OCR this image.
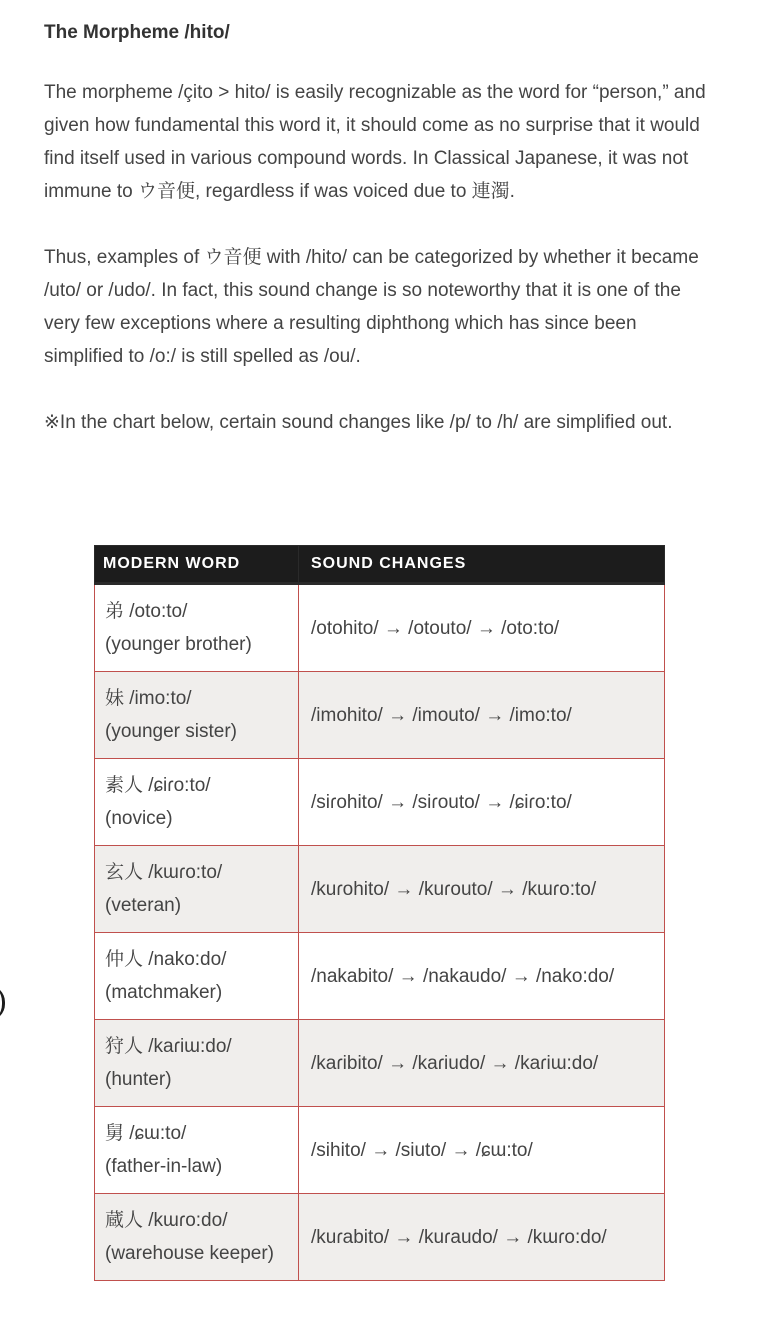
The Morpheme /hito/

The morpheme /çito > hito/ is easily recognizable as the word for “person,” and given how fundamental this word it, it should come as no surprise that it would find itself used in various compound words. In Classical Japanese, it was not immune to ウ音便, regardless if was voiced due to 連濁.

Thus, examples of ウ音便 with /hito/ can be categorized by whether it became /uto/ or /udo/. In fact, this sound change is so noteworthy that it is one of the very few exceptions where a resulting diphthong which has since been simplified to /o:/ is still spelled as /ou/.

※In the chart below, certain sound changes like /p/ to /h/ are simplified out.

MODERN WORD	SOUND CHANGES

弟 /oto:to/
(younger brother)	/otohito/ → /otouto/ → /oto:to/

妹 /imo:to/
(younger sister)	/imohito/ → /imouto/ → /imo:to/

素人 /ɕiɾo:to/
(novice)	/siɾohito/ → /siɾouto/ → /ɕiɾo:to/

玄人 /kɯɾo:to/
(veteran)	/kuɾohito/ → /kuɾouto/ → /kɯɾo:to/

仲人 /nako:do/
(matchmaker)	/nakabito/ → /nakaudo/ → /nako:do/

狩人 /kaɾiɯ:do/
(hunter)	/kaɾibito/ → /kaɾiudo/ → /kaɾiɯ:do/

舅 /ɕɯ:to/
(father-in-law)	/sihito/ → /siuto/ → /ɕɯ:to/

蔵人 /kɯɾo:do/
(warehouse keeper)	/kuɾabito/ → /kuɾaudo/ → /kɯɾo:do/
